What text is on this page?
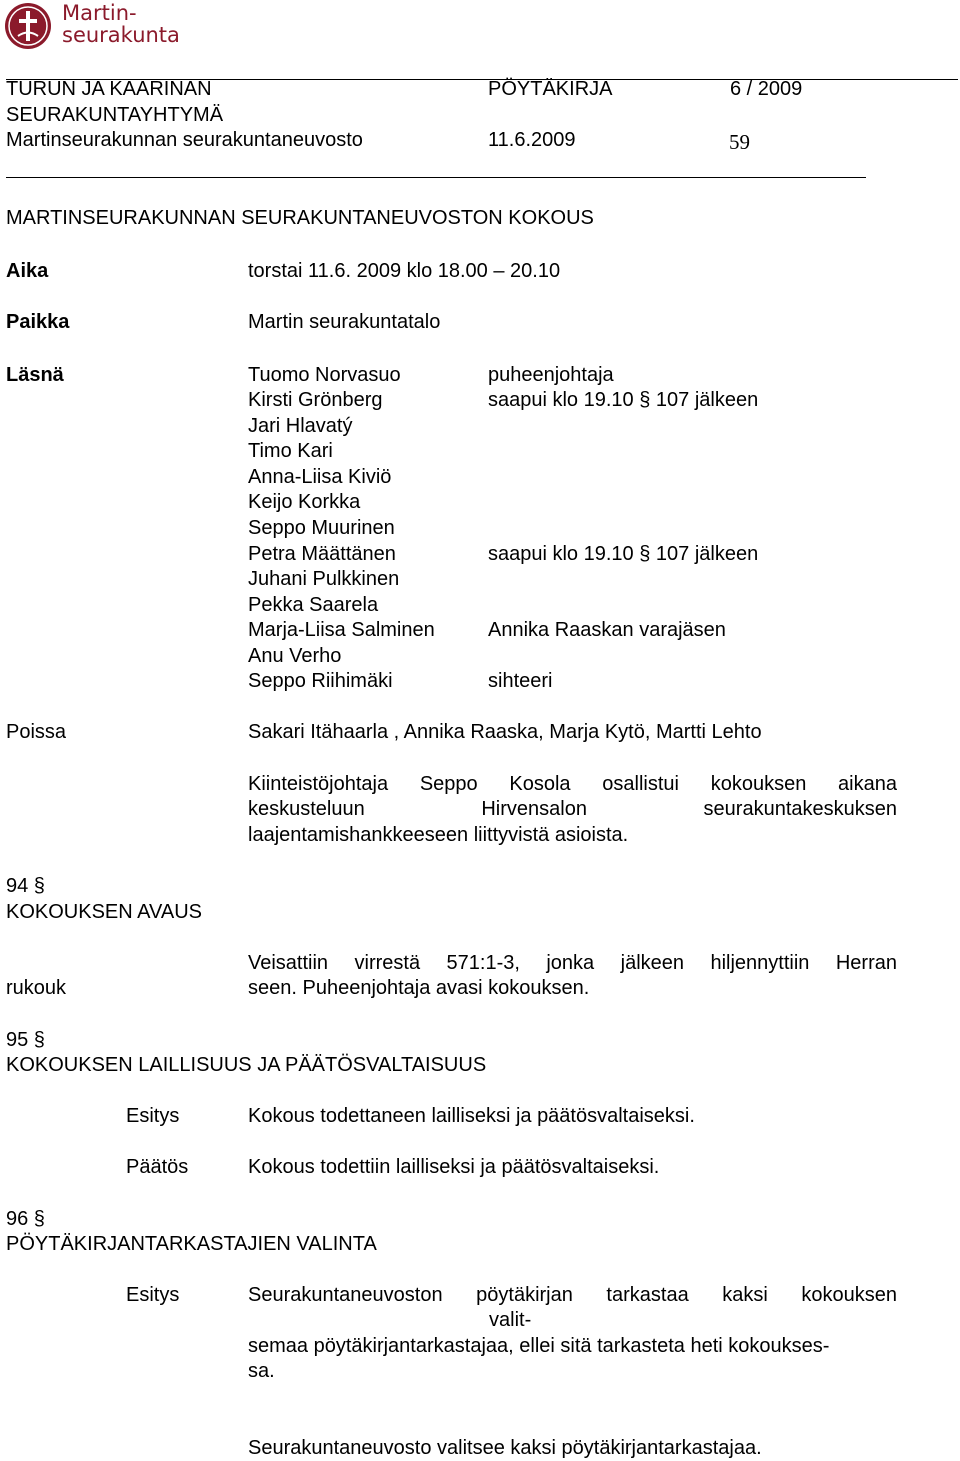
Martin-
seurakunta
TURUN JA KAARINAN
SEURAKUNTAYHTYMÄ
Martinseurakunnan seurakuntaneuvosto
PÖYTÄKIRJA	6 / 2009
11.6.2009	59
MARTINSEURAKUNNAN SEURAKUNTANEUVOSTON KOKOUS
Aika	torstai 11.6. 2009 klo 18.00 – 20.10
Paikka	Martin seurakuntatalo
Läsnä	Tuomo Norvasuo	puheenjohtaja
Kirsti Grönberg	saapui klo 19.10 § 107 jälkeen
Jari Hlavatý
Timo Kari
Anna-Liisa Kiviö
Keijo Korkka
Seppo Muurinen
Petra Määttänen	saapui klo 19.10 § 107 jälkeen
Juhani Pulkkinen
Pekka Saarela
Marja-Liisa Salminen	Annika Raaskan varajäsen
Anu Verho
Seppo Riihimäki	sihteeri
Poissa	Sakari Itähaarla , Annika Raaska, Marja Kytö, Martti Lehto
Kiinteistöjohtaja Seppo Kosola osallistui kokouksen aikana
keskusteluun Hirvensalon seurakuntakeskuksen
laajentamishankkeeseen liittyvistä asioista.
94 §
KOKOUKSEN AVAUS
Veisattiin virrestä 571:1-3, jonka jälkeen hiljennyttiin Herran
rukouk	seen. Puheenjohtaja avasi kokouksen.
95 §
KOKOUKSEN LAILLISUUS JA PÄÄTÖSVALTAISUUS
Esitys	Kokous todettaneen lailliseksi ja päätösvaltaiseksi.
Päätös	Kokous todettiin lailliseksi ja päätösvaltaiseksi.
96 §
PÖYTÄKIRJANTARKASTAJIEN VALINTA
Esitys	Seurakuntaneuvoston pöytäkirjan tarkastaa kaksi kokouksen
valit-
semaa pöytäkirjantarkastajaa, ellei sitä tarkasteta heti kokoukses-
sa.
Seurakuntaneuvosto valitsee kaksi pöytäkirjantarkastajaa.
